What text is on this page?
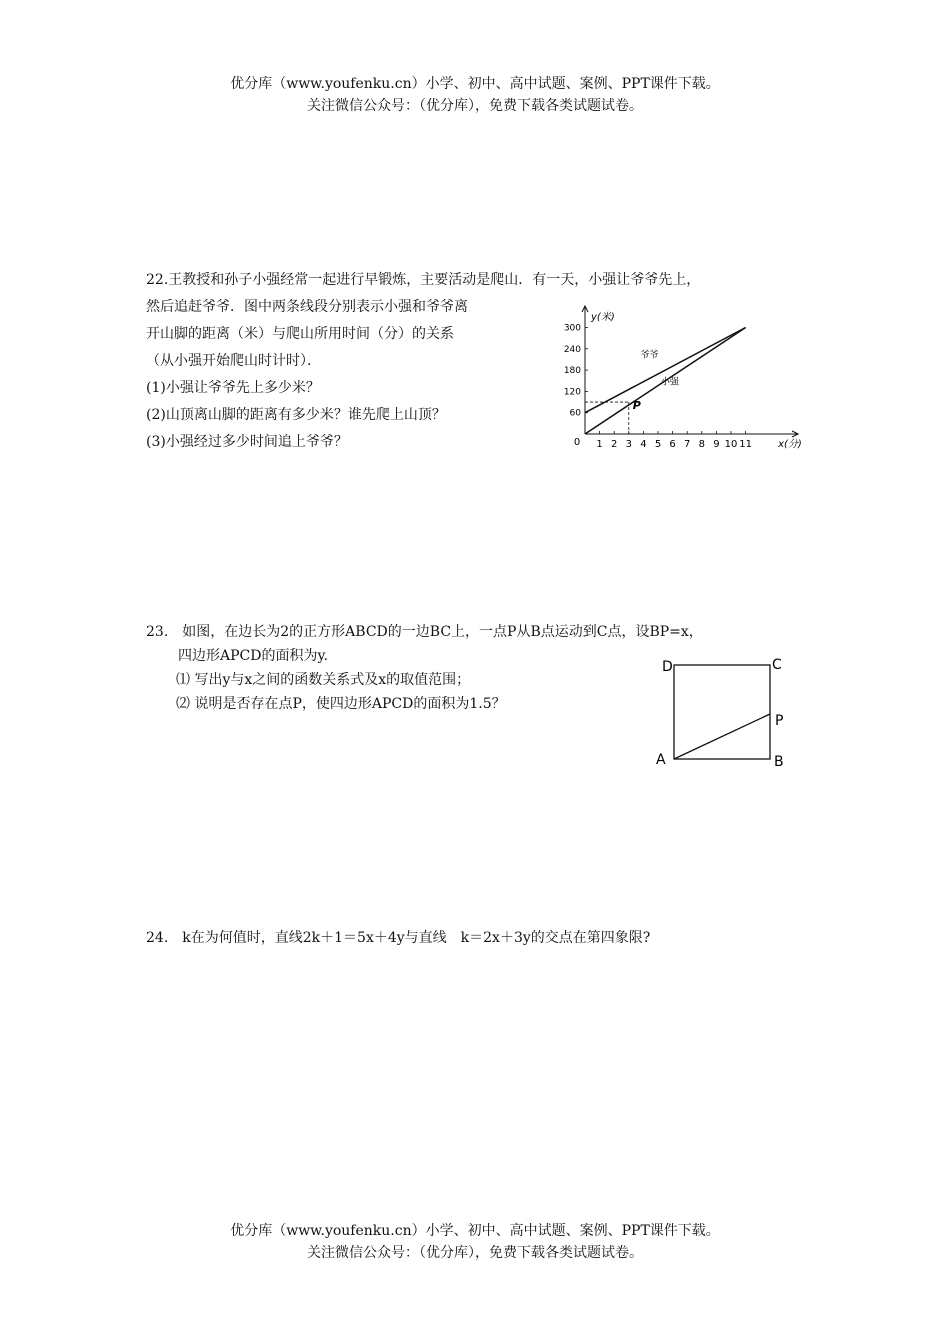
优分库（www.youfenku.cn）小学、初中、高中试题、案例、PPT课件下载。
关注微信公众号：（优分库），免费下载各类试题试卷。
22.王教授和孙子小强经常一起进行早锻炼，主要活动是爬山．有一天，小强让爷爷先上，
然后追赶爷爷．图中两条线段分别表示小强和爷爷离
开山脚的距离（米）与爬山所用时间（分）的关系
（从小强开始爬山时计时）．
(1)小强让爷爷先上多少米？
(2)山顶离山脚的距离有多少米？谁先爬上山顶？
(3)小强经过多少时间追上爷爷？	1 2 3 4 5 6 7 8 9 10 11
60
120
180
240
300
0
y(米)
x(分)
爷爷
小强
P
23.　如图，在边长为2的正方形ABCD的一边BC上，一点P从B点运动到C点，设BP=x，
四边形APCD的面积为y.
⑴ 写出y与x之间的函数关系式及x的取值范围；
⑵ 说明是否存在点P，使四边形APCD的面积为1.5？
D	C
P
A	B
24.　k在为何值时，直线2k＋1＝5x＋4y与直线　k＝2x＋3y的交点在第四象限?
优分库（www.youfenku.cn）小学、初中、高中试题、案例、PPT课件下载。
关注微信公众号：（优分库），免费下载各类试题试卷。
